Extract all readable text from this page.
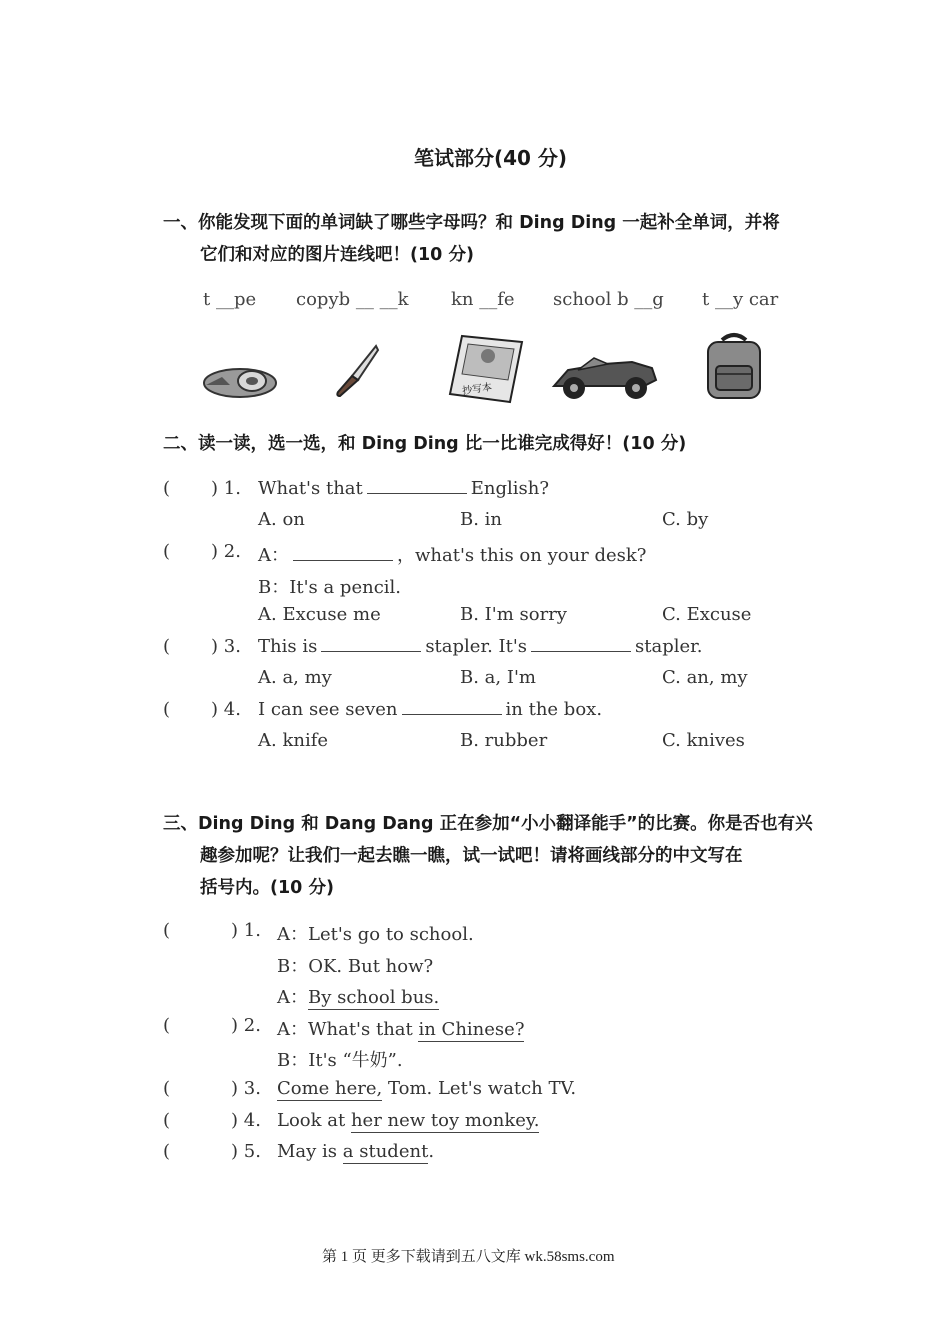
笔试部分(40 分)
一、你能发现下面的单词缺了哪些字母吗？和 Ding Ding 一起补全单词，并将
它们和对应的图片连线吧！(10 分)
t __pe copyb __ __k kn __fe school b __g t __y car
抄写本
二、读一读，选一选，和 Ding Ding 比一比谁完成得好！(10 分)
( ) 1. What's that	English?
A. on	B. in	C. by
( ) 2. A：	，what's this on your desk?
B：It's a pencil.
A. Excuse me	B. I'm sorry	C. Excuse
( ) 3. This is	stapler. It's	stapler.
A. a, my	B. a, I'm	C. an, my
( ) 4. I can see seven	in the box.
A. knife	B. rubber	C. knives
三、Ding Ding 和 Dang Dang 正在参加“小小翻译能手”的比赛。你是否也有兴
趣参加呢？让我们一起去瞧一瞧，试一试吧！请将画线部分的中文写在
括号内。(10 分)
(	) 1. A：Let's go to school.
B：OK. But how?
A：By school bus.
(	) 2. A：What's that in Chinese?
B：It's “牛奶”.
(	) 3. Come here, Tom. Let's watch TV.
(	) 4. Look at her new toy monkey.
(	) 5. May is a student.
第 1 页 更多下载请到五八文库 wk.58sms.com
